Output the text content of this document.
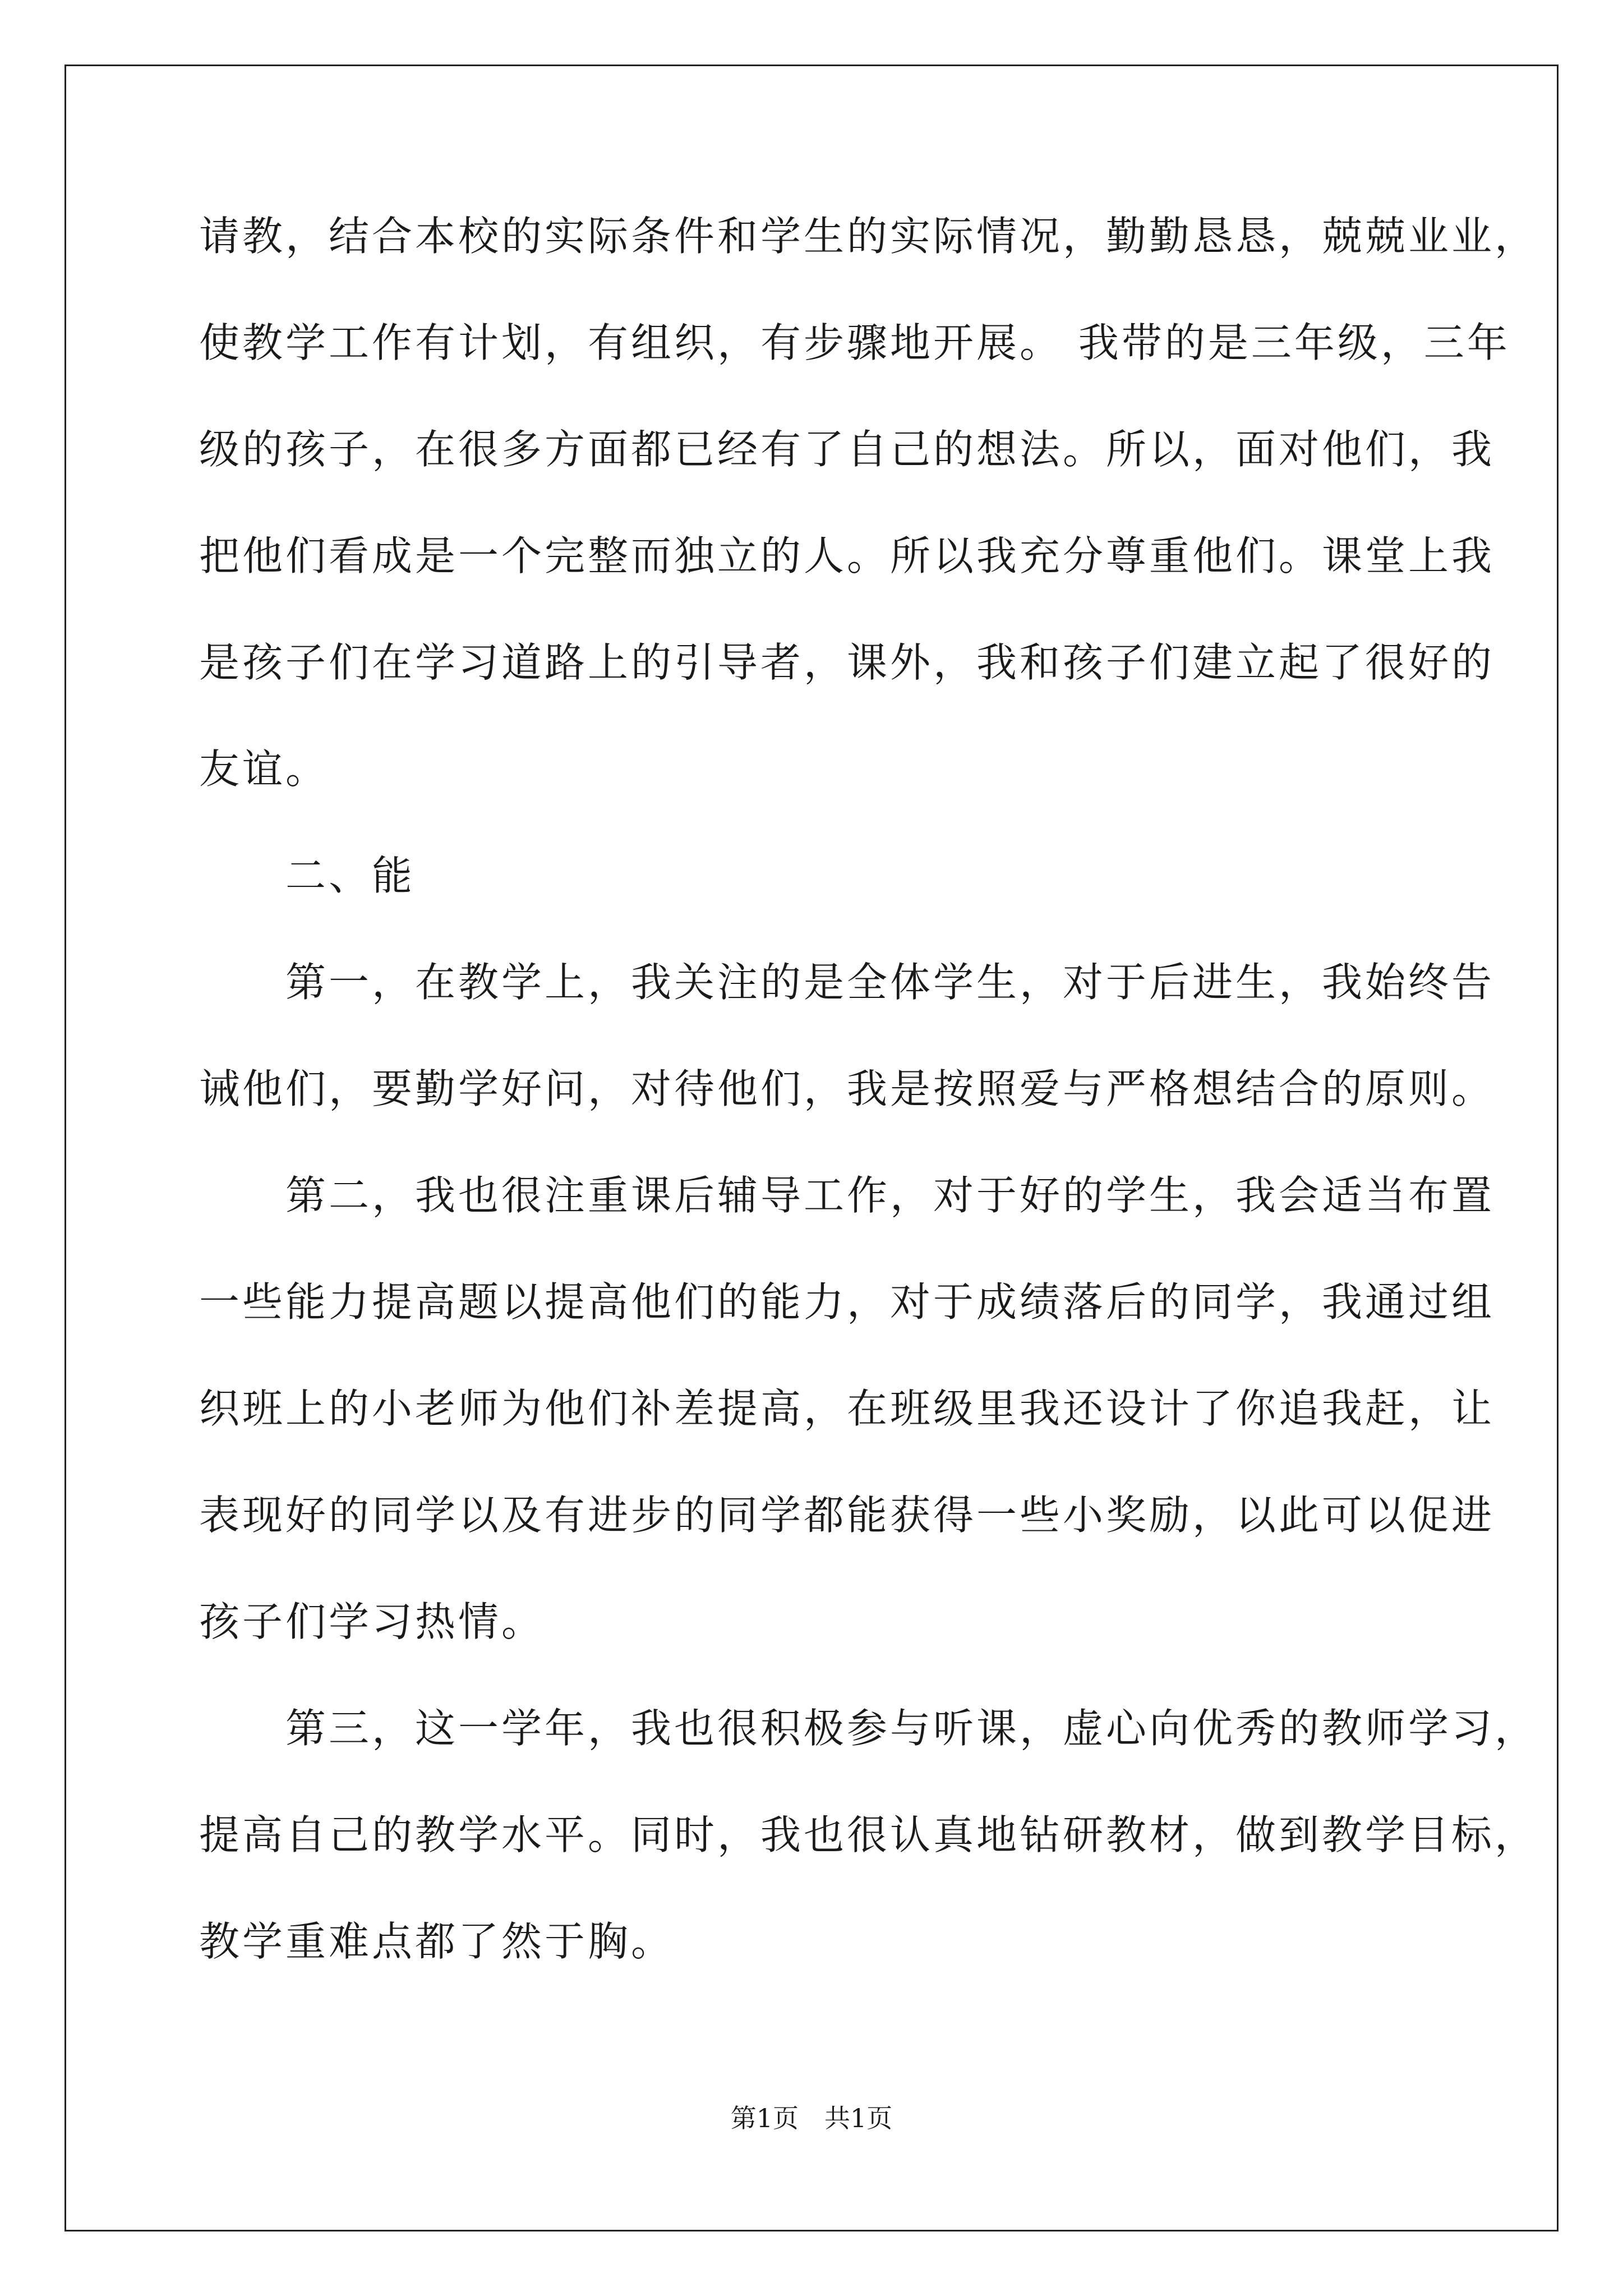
请教，结合本校的实际条件和学生的实际情况，勤勤恳恳，兢兢业业，
使教学工作有计划，有组织，有步骤地开展。 我带的是三年级，三年
级的孩子，在很多方面都已经有了自己的想法。所以，面对他们，我
把他们看成是一个完整而独立的人。所以我充分尊重他们。课堂上我
是孩子们在学习道路上的引导者，课外，我和孩子们建立起了很好的
友谊。
　　二、能
　　第一，在教学上，我关注的是全体学生，对于后进生，我始终告
诫他们，要勤学好问，对待他们，我是按照爱与严格想结合的原则。
　　第二，我也很注重课后辅导工作，对于好的学生，我会适当布置
一些能力提高题以提高他们的能力，对于成绩落后的同学，我通过组
织班上的小老师为他们补差提高，在班级里我还设计了你追我赶，让
表现好的同学以及有进步的同学都能获得一些小奖励，以此可以促进
孩子们学习热情。
　　第三，这一学年，我也很积极参与听课，虚心向优秀的教师学习，
提高自己的教学水平。同时，我也很认真地钻研教材，做到教学目标，
教学重难点都了然于胸。
第1页　共1页
